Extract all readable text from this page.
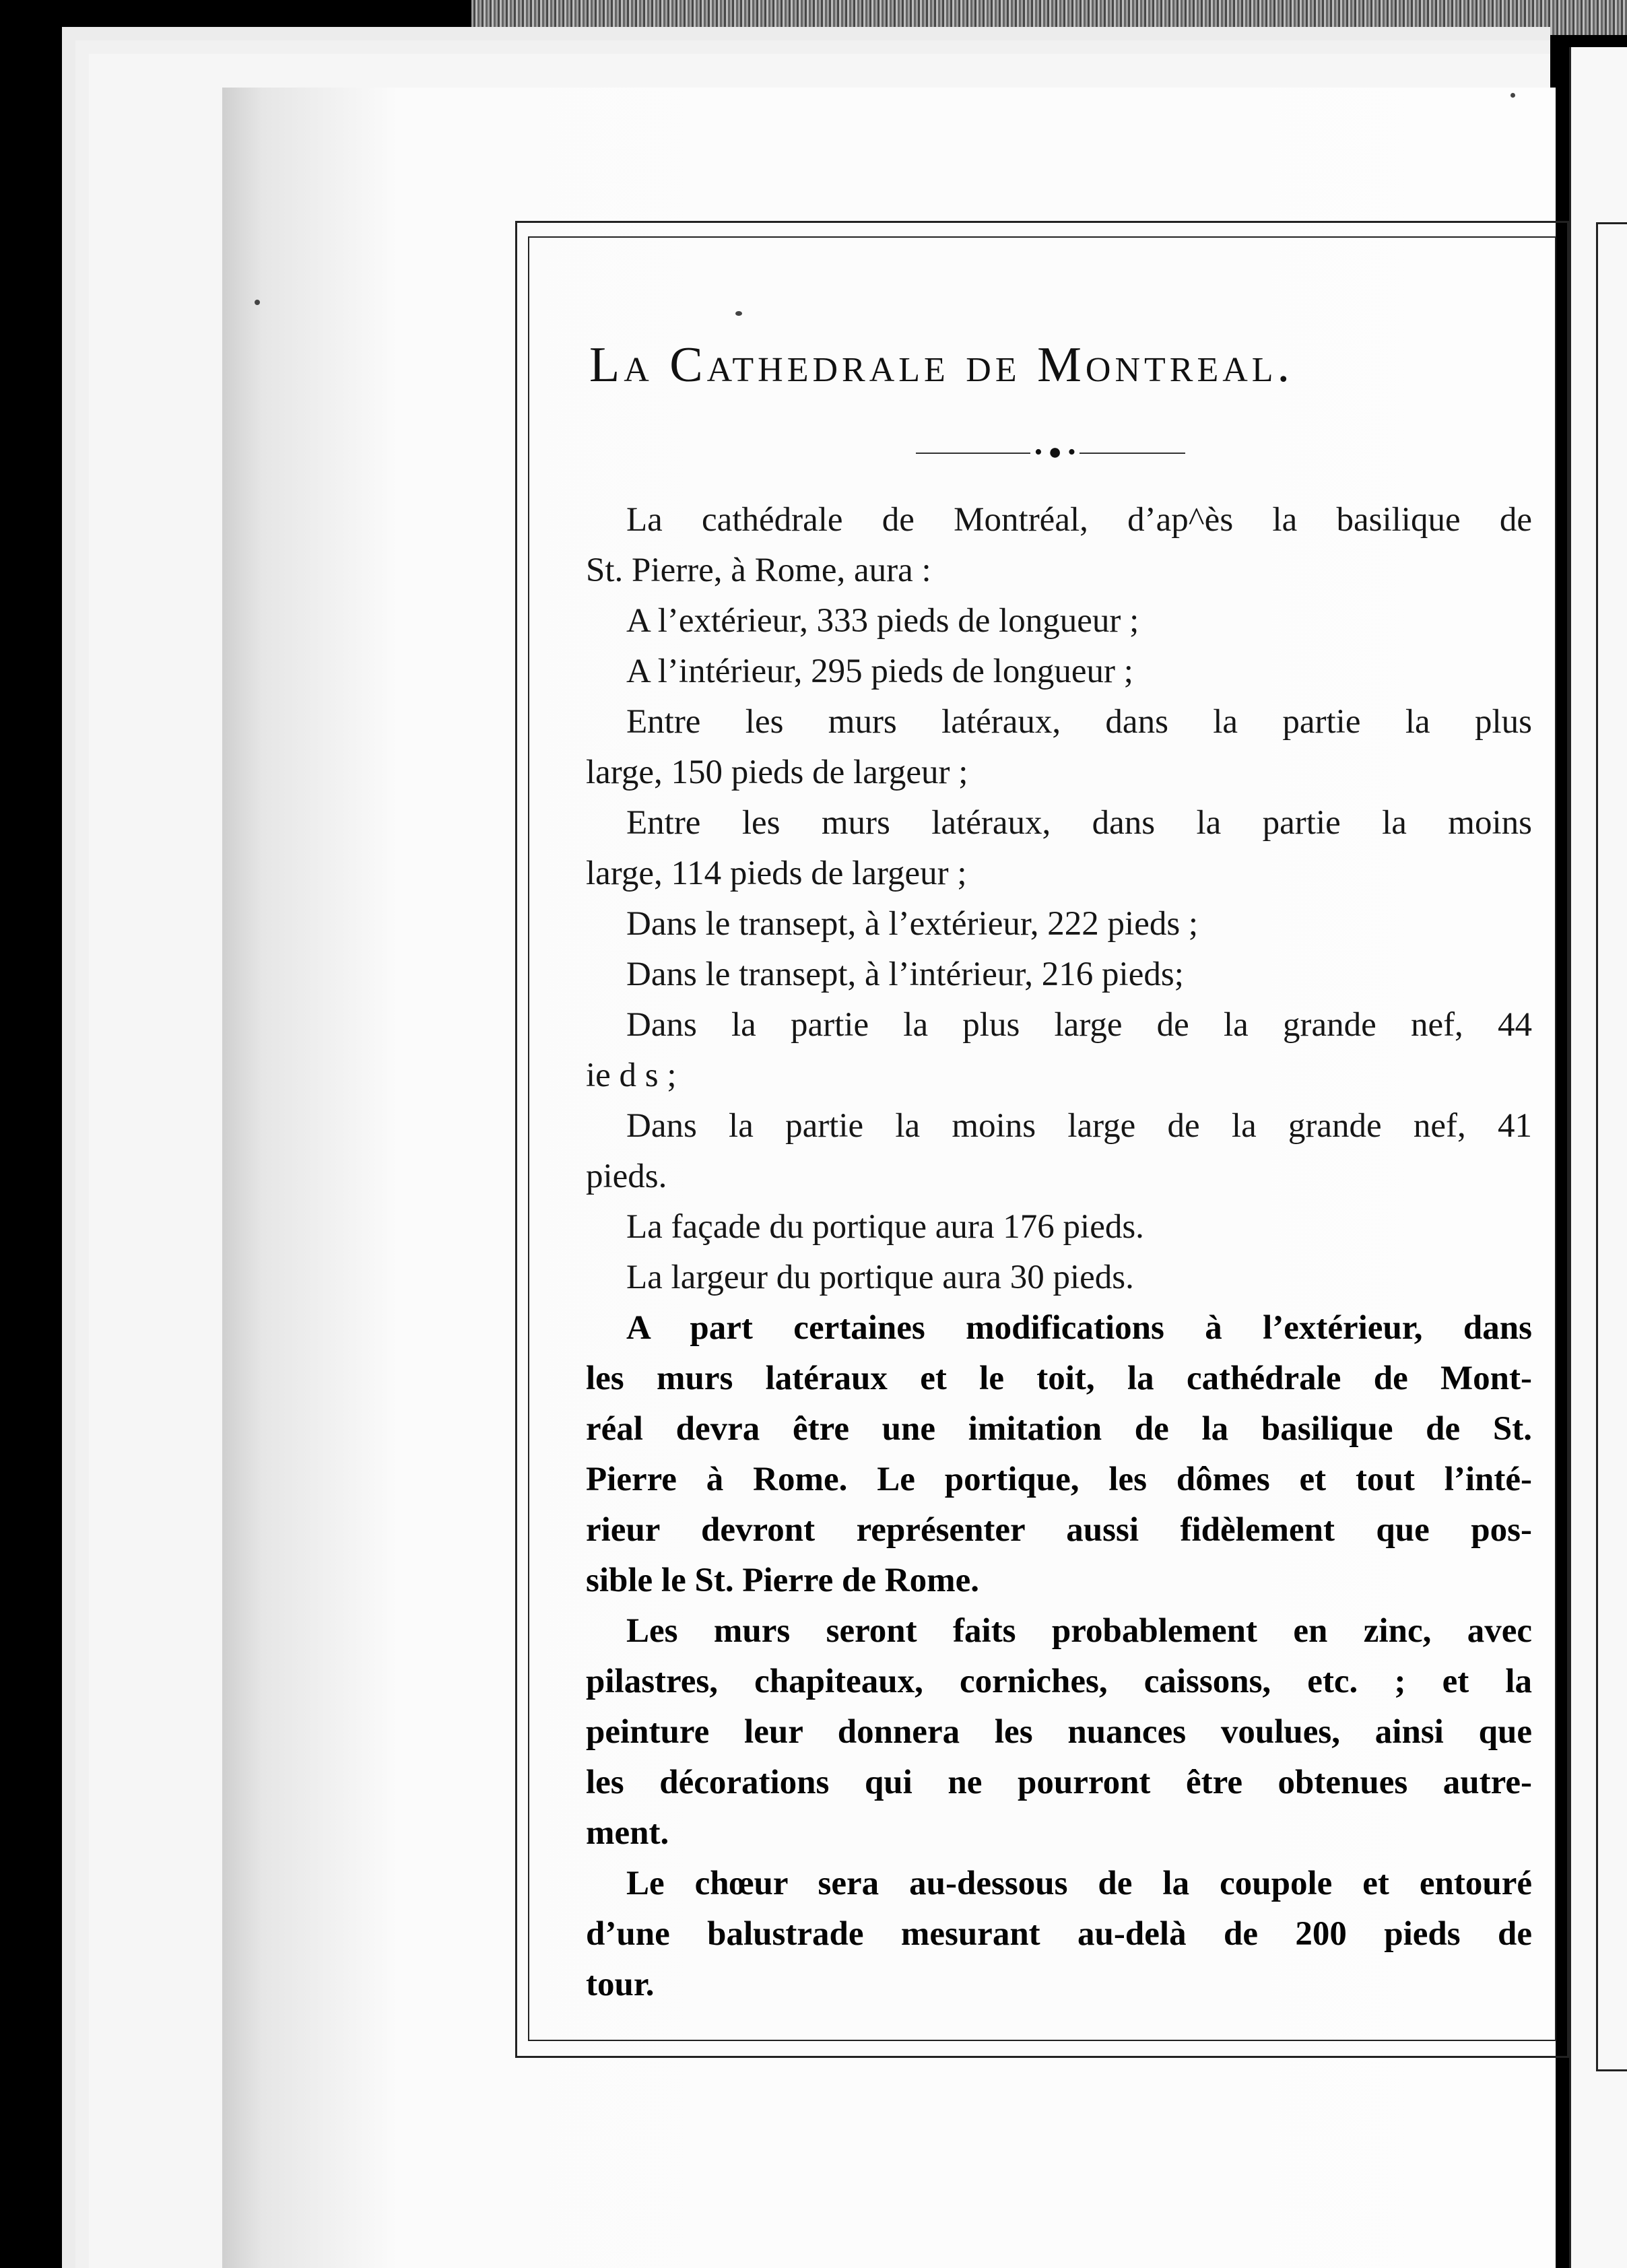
La Cathedrale de Montreal.
• ● •

La cathédrale de Montréal, d’ap^ès la basilique de

St. Pierre, à Rome, aura :

A l’extérieur, 333 pieds de longueur ;

A l’intérieur, 295 pieds de longueur ;

Entre les murs latéraux, dans la partie la plus

large, 150 pieds de largeur ;

Entre les murs latéraux, dans la partie la moins

large, 114 pieds de largeur ;

Dans le transept, à l’extérieur, 222 pieds ;

Dans le transept, à l’intérieur, 216 pieds;

Dans la partie la plus large de la grande nef, 44

ie d s ;

Dans la partie la moins large de la grande nef, 41

pieds.

La façade du portique aura 176 pieds.

La largeur du portique aura 30 pieds.

A part certaines modifications à l’extérieur, dans

les murs latéraux et le toit, la cathédrale de Mont-

réal devra être une imitation de la basilique de St.

Pierre à Rome. Le portique, les dômes et tout l’inté-

rieur devront représenter aussi fidèlement que pos-

sible le St. Pierre de Rome.

Les murs seront faits probablement en zinc, avec

pilastres, chapiteaux, corniches, caissons, etc. ; et la

peinture leur donnera les nuances voulues, ainsi que

les décorations qui ne pourront être obtenues autre-

ment.

Le chœur sera au-dessous de la coupole et entouré

d’une balustrade mesurant au-delà de 200 pieds de

tour.
